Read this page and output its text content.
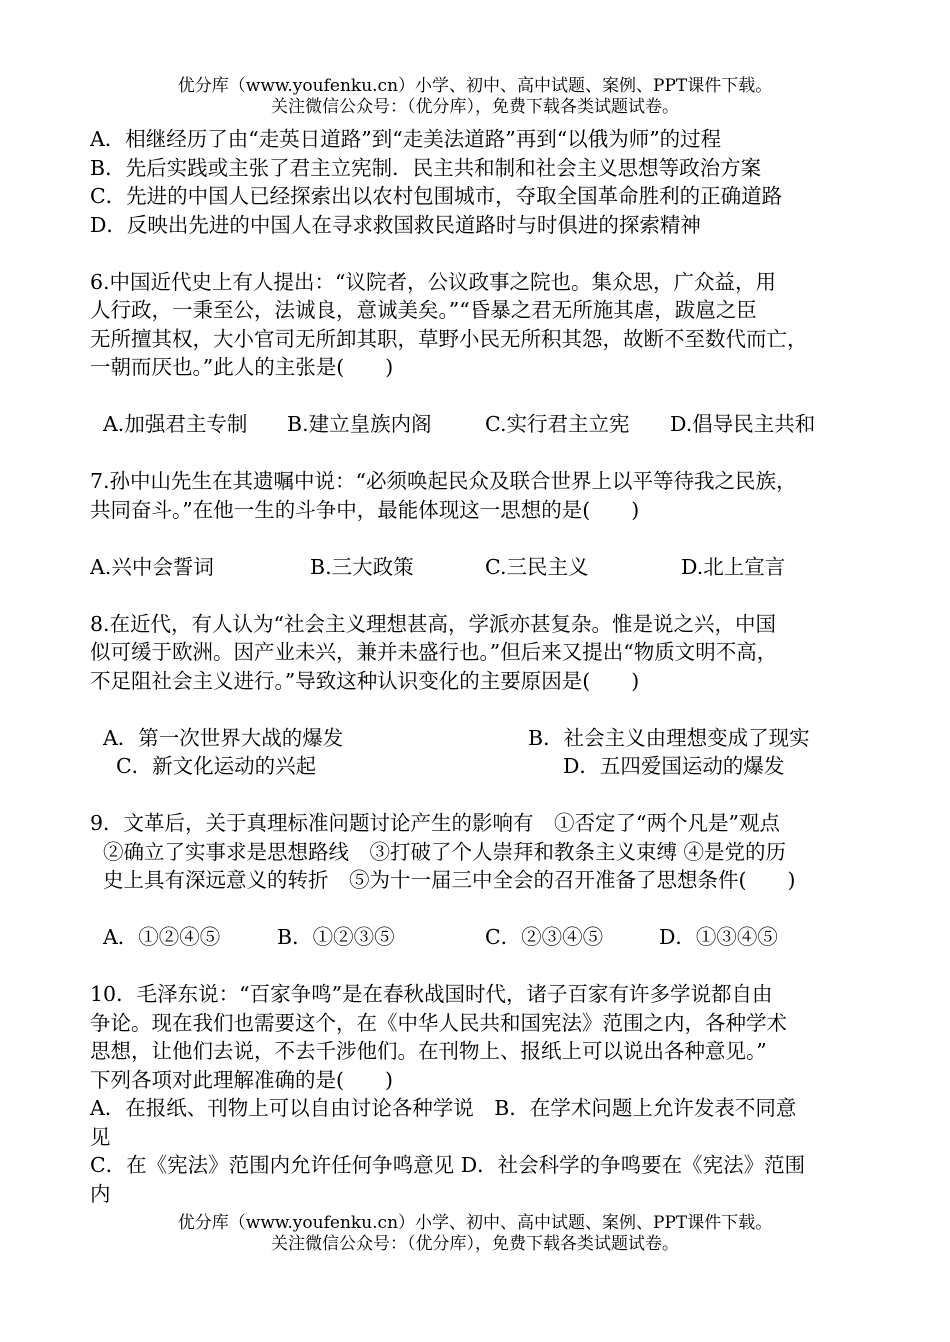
优分库（www.youfenku.cn）小学、初中、高中试题、案例、PPT课件下载。
关注微信公众号：（优分库），免费下载各类试题试卷。
A．相继经历了由“走英日道路”到“走美法道路”再到“以俄为师”的过程
B．先后实践或主张了君主立宪制．民主共和制和社会主义思想等政治方案
C．先进的中国人已经探索出以农村包围城市，夺取全国革命胜利的正确道路
D．反映出先进的中国人在寻求救国救民道路时与时俱进的探索精神
6.中国近代史上有人提出：“议院者，公议政事之院也。集众思，广众益，用
人行政，一秉至公，法诚良，意诚美矣。”“昏暴之君无所施其虐，跋扈之臣
无所擅其权，大小官司无所卸其职，草野小民无所积其怨，故断不至数代而亡，
一朝而厌也。”此人的主张是(　　)
A.加强君主专制 B.建立皇族内阁	C.实行君主立宪 D.倡导民主共和
7.孙中山先生在其遗嘱中说：“必须唤起民众及联合世界上以平等待我之民族，
共同奋斗。”在他一生的斗争中，最能体现这一思想的是(　　)
A.兴中会誓词	B.三大政策	C.三民主义	D.北上宣言
8.在近代，有人认为“社会主义理想甚高，学派亦甚复杂。惟是说之兴，中国
似可缓于欧洲。因产业未兴，兼并未盛行也。”但后来又提出“物质文明不高，
不足阻社会主义进行。”导致这种认识变化的主要原因是(　　)
A．第一次世界大战的爆发	B．社会主义由理想变成了现实
C．新文化运动的兴起	D．五四爱国运动的爆发
9．文革后，关于真理标准问题讨论产生的影响有　①否定了“两个凡是”观点
②确立了实事求是思想路线　③打破了个人崇拜和教条主义束缚 ④是党的历
史上具有深远意义的转折　⑤为十一届三中全会的召开准备了思想条件(　　)
A．①②④⑤	B．①②③⑤	C．②③④⑤	D．①③④⑤
10．毛泽东说：“百家争鸣”是在春秋战国时代，诸子百家有许多学说都自由
争论。现在我们也需要这个，在《中华人民共和国宪法》范围之内，各种学术
思想，让他们去说，不去千涉他们。在刊物上、报纸上可以说出各种意见。”
下列各项对此理解准确的是(　　)
A．在报纸、刊物上可以自由讨论各种学说　B．在学术问题上允许发表不同意
见
C．在《宪法》范围内允许任何争鸣意见 D．社会科学的争鸣要在《宪法》范围
内
优分库（www.youfenku.cn）小学、初中、高中试题、案例、PPT课件下载。
关注微信公众号：（优分库），免费下载各类试题试卷。
